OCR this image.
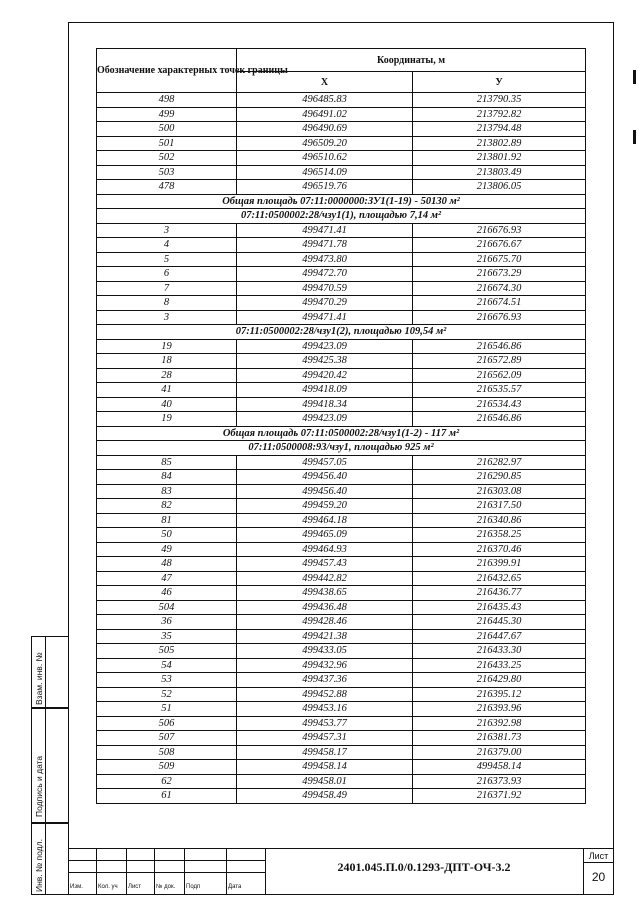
Взам. инв. №
Подпись и дата
Инв. № подл.
Обозначение характерных точек границы	Координаты, м	
	Х	У
498	496485.83	213790.35
499	496491.02	213792.82
500	496490.69	213794.48
501	496509.20	213802.89
502	496510.62	213801.92
503	496514.09	213803.49
478	496519.76	213806.05
Общая площадь 07:11:0000000:ЗУ1(1-19) - 50130 м²		
07:11:0500002:28/чзу1(1), площадью 7,14 м²		
3	499471.41	216676.93
4	499471.78	216676.67
5	499473.80	216675.70
6	499472.70	216673.29
7	499470.59	216674.30
8	499470.29	216674.51
3	499471.41	216676.93
07:11:0500002:28/чзу1(2), площадью 109,54 м²		
19	499423.09	216546.86
18	499425.38	216572.89
28	499420.42	216562.09
41	499418.09	216535.57
40	499418.34	216534.43
19	499423.09	216546.86
Общая площадь 07:11:0500002:28/чзу1(1-2) - 117 м²		
07:11:0500008:93/чзу1, площадью 925 м²		
85	499457.05	216282.97
84	499456.40	216290.85
83	499456.40	216303.08
82	499459.20	216317.50
81	499464.18	216340.86
50	499465.09	216358.25
49	499464.93	216370.46
48	499457.43	216399.91
47	499442.82	216432.65
46	499438.65	216436.77
504	499436.48	216435.43
36	499428.46	216445.30
35	499421.38	216447.67
505	499433.05	216433.30
54	499432.96	216433.25
53	499437.36	216429.80
52	499452.88	216395.12
51	499453.16	216393.96
506	499453.77	216392.98
507	499457.31	216381.73
508	499458.17	216379.00
509	499458.14	499458.14
62	499458.01	216373.93
61	499458.49	216371.92
Изм.	Кол. уч Лист № док. Подп	Дата
2401.045.П.0/0.1293-ДПТ-ОЧ-3.2
Лист
20
